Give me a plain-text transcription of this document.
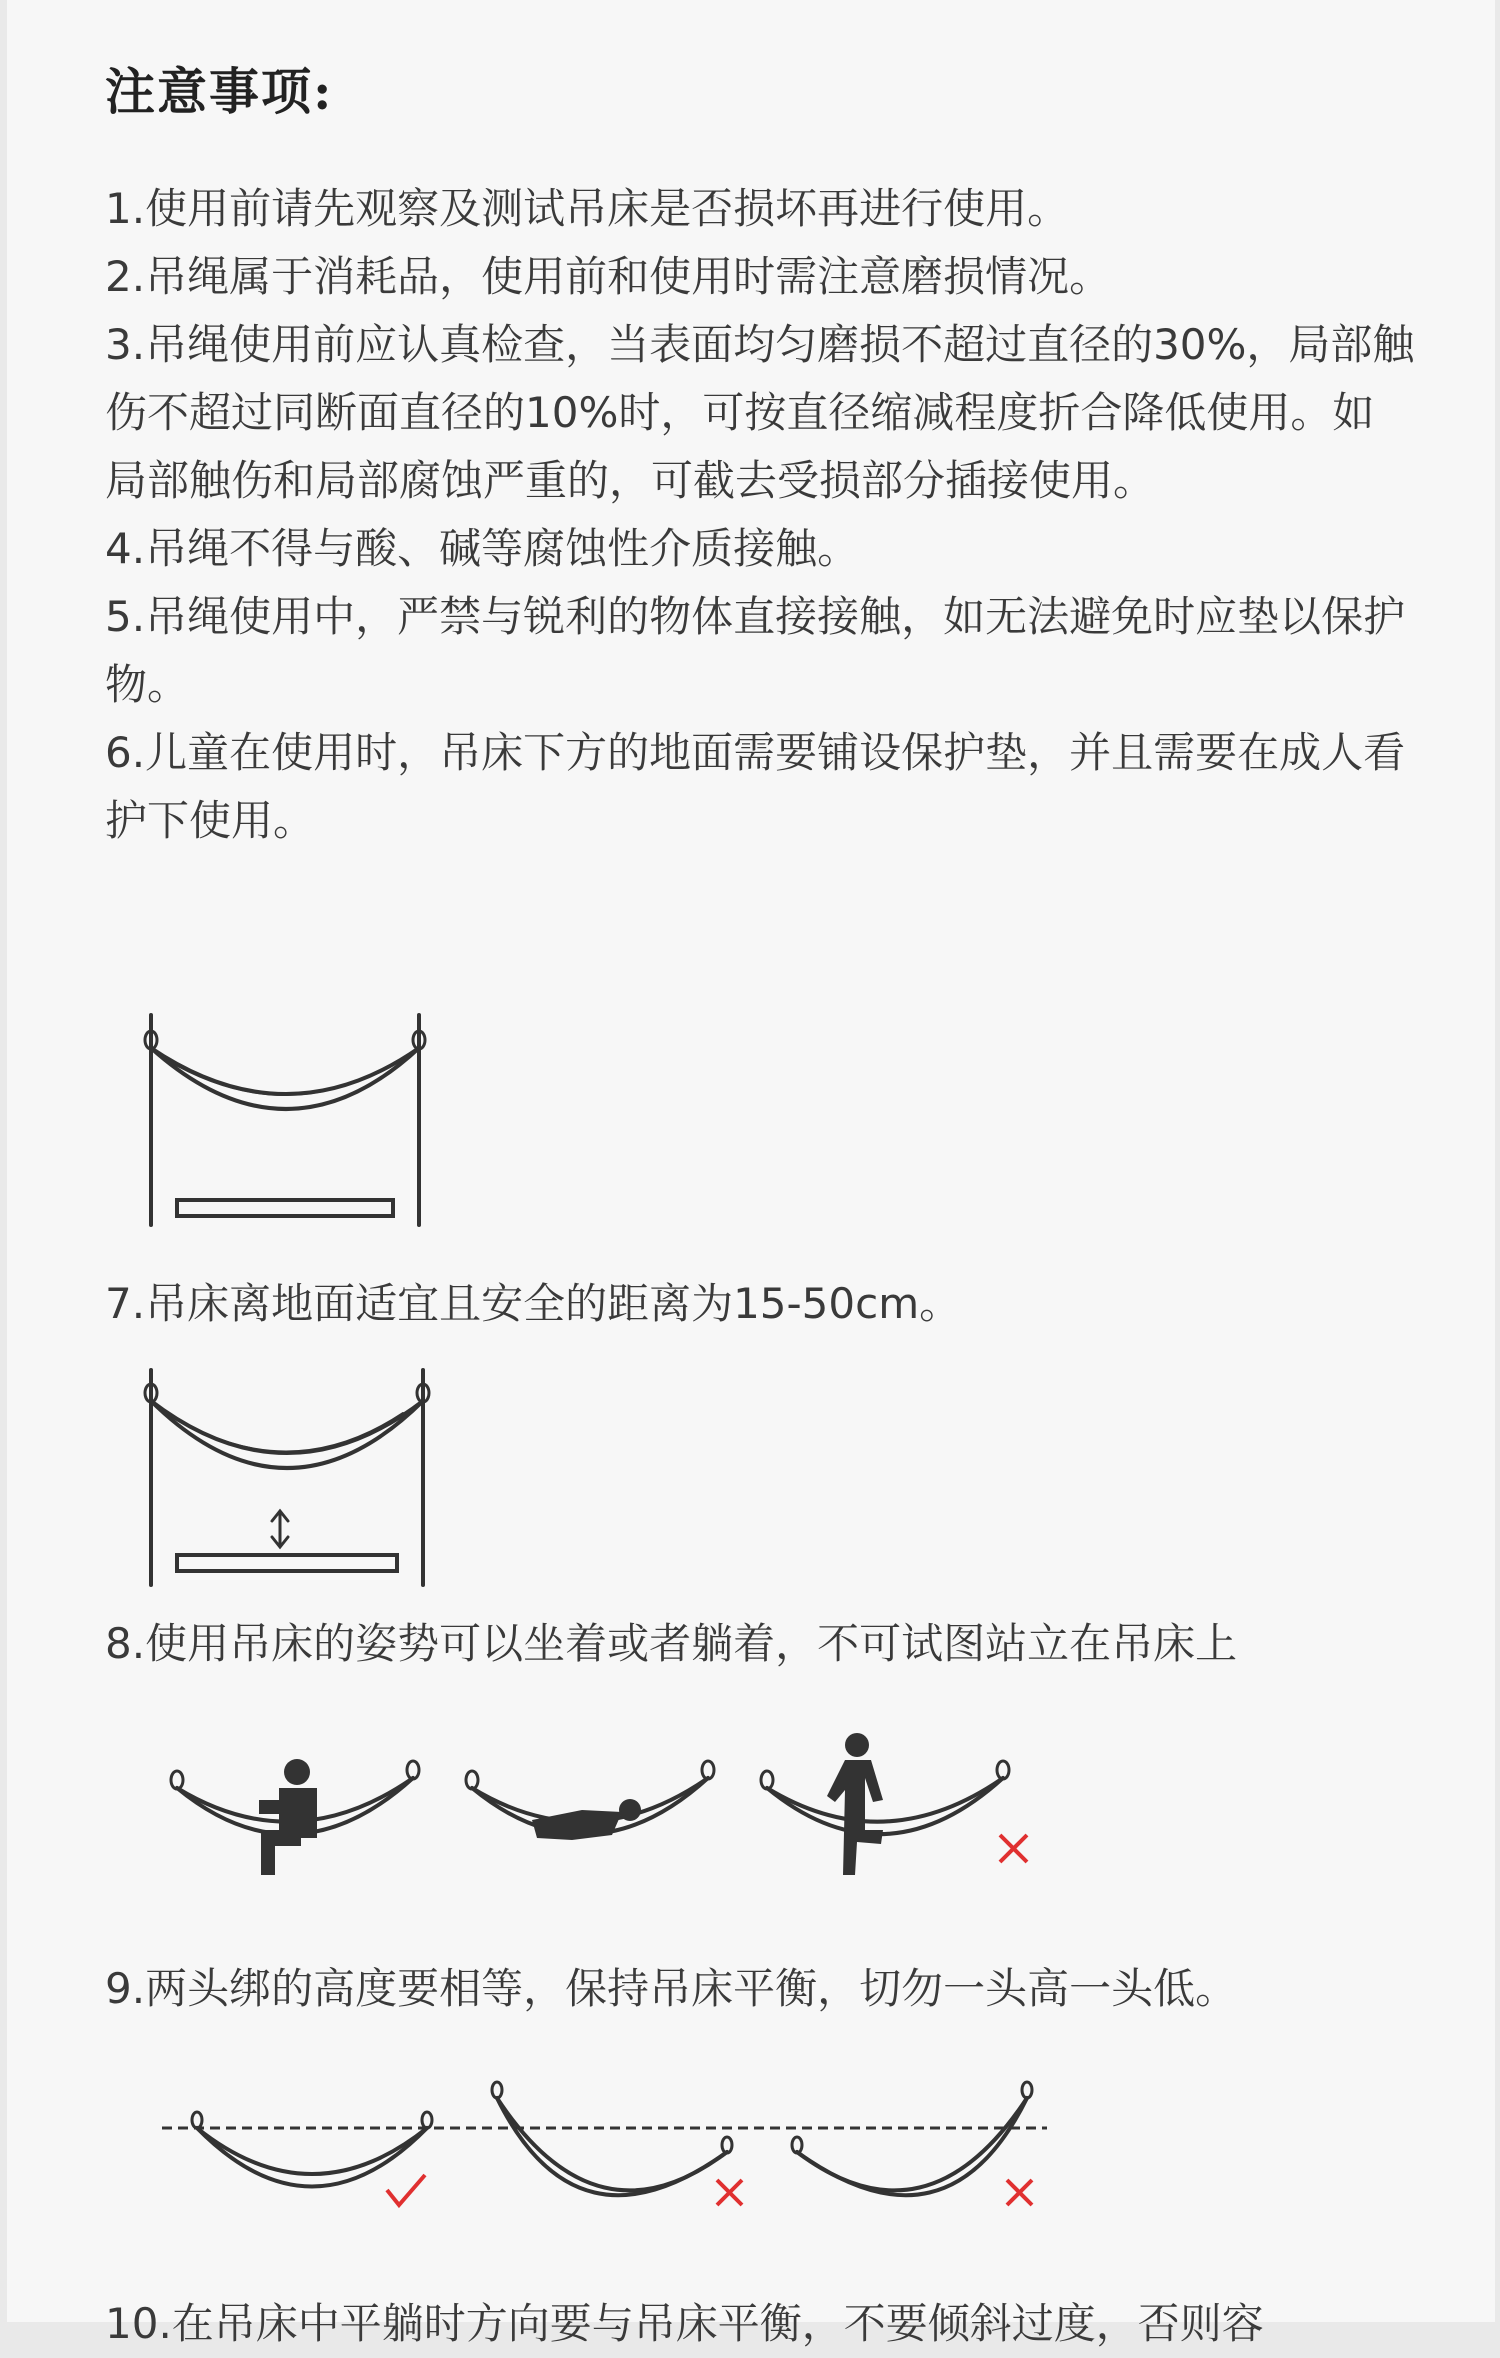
注意事项:
1.使用前请先观察及测试吊床是否损坏再进行使用。
2.吊绳属于消耗品，使用前和使用时需注意磨损情况。
3.吊绳使用前应认真检查，当表面均匀磨损不超过直径的30%，局部触伤不超过同断面直径的10%时，可按直径缩减程度折合降低使用。如局部触伤和局部腐蚀严重的，可截去受损部分插接使用。
4.吊绳不得与酸、碱等腐蚀性介质接触。
5.吊绳使用中，严禁与锐利的物体直接接触，如无法避免时应垫以保护物。
6.儿童在使用时，吊床下方的地面需要铺设保护垫，并且需要在成人看护下使用。
7.吊床离地面适宜且安全的距离为15-50cm。
8.使用吊床的姿势可以坐着或者躺着，不可试图站立在吊床上
9.两头绑的高度要相等，保持吊床平衡，切勿一头高一头低。
10.在吊床中平躺时方向要与吊床平衡，不要倾斜过度，否则容
